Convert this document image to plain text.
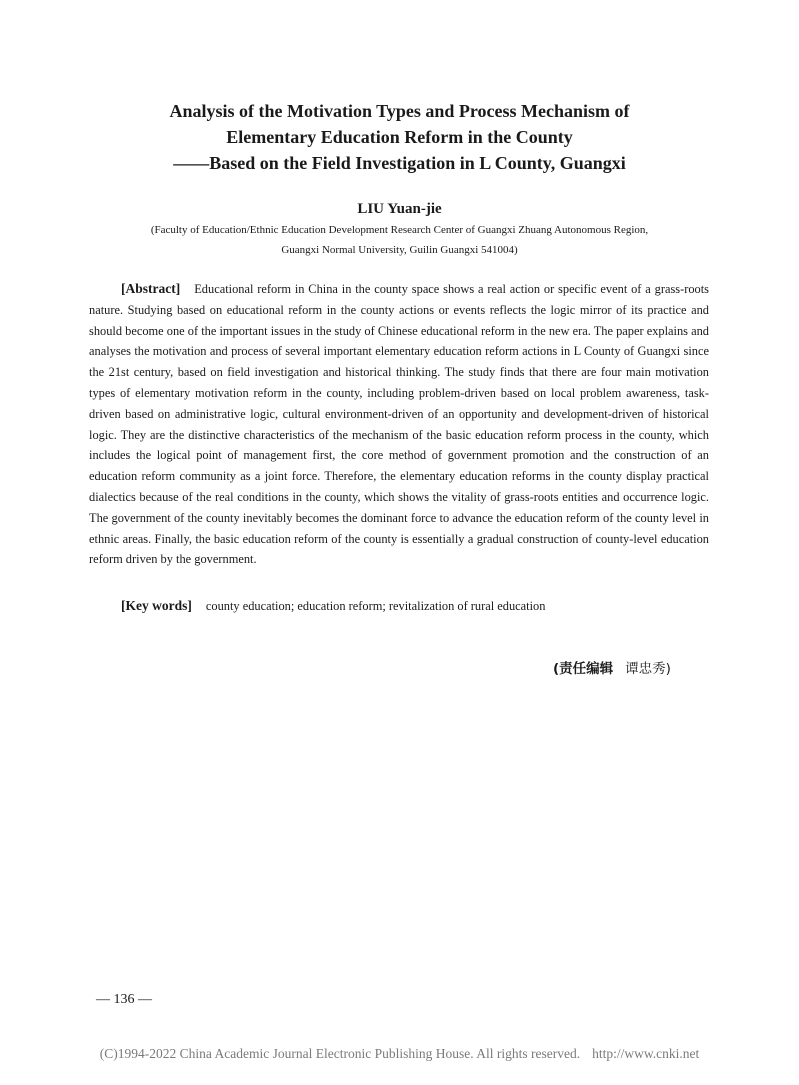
Analysis of the Motivation Types and Process Mechanism of
Elementary Education Reform in the County
——Based on the Field Investigation in L County, Guangxi
LIU Yuan-jie
(Faculty of Education/Ethnic Education Development Research Center of Guangxi Zhuang Autonomous Region,
Guangxi Normal University, Guilin Guangxi 541004)

[Abstract] Educational reform in China in the county space shows a real action or specific event of a grass-roots nature. Studying based on educational reform in the county actions or events reflects the logic mirror of its practice and should become one of the important issues in the study of Chinese educational reform in the new era. The paper explains and analyses the motivation and process of several important elementary education reform actions in L County of Guangxi since the 21st century, based on field investigation and historical thinking. The study finds that there are four main motivation types of elementary motivation reform in the county, including problem-driven based on local problem awareness, task-driven based on administrative logic, cultural environment-driven of an opportunity and development-driven of historical logic. They are the distinctive characteristics of the mechanism of the basic education reform process in the county, which includes the logical point of management first, the core method of government promotion and the construction of an education reform community as a joint force. Therefore, the elementary education reforms in the county display practical dialectics because of the real conditions in the county, which shows the vitality of grass-roots entities and occurrence logic. The government of the county inevitably becomes the dominant force to advance the education reform of the county level in ethnic areas. Finally, the basic education reform of the county is essentially a gradual construction of county-level education reform driven by the government.

[Key words] county education; education reform; revitalization of rural education
(责任编辑 谭忠秀)
— 136 —
(C)1994-2022 China Academic Journal Electronic Publishing House. All rights reserved. http://www.cnki.net
